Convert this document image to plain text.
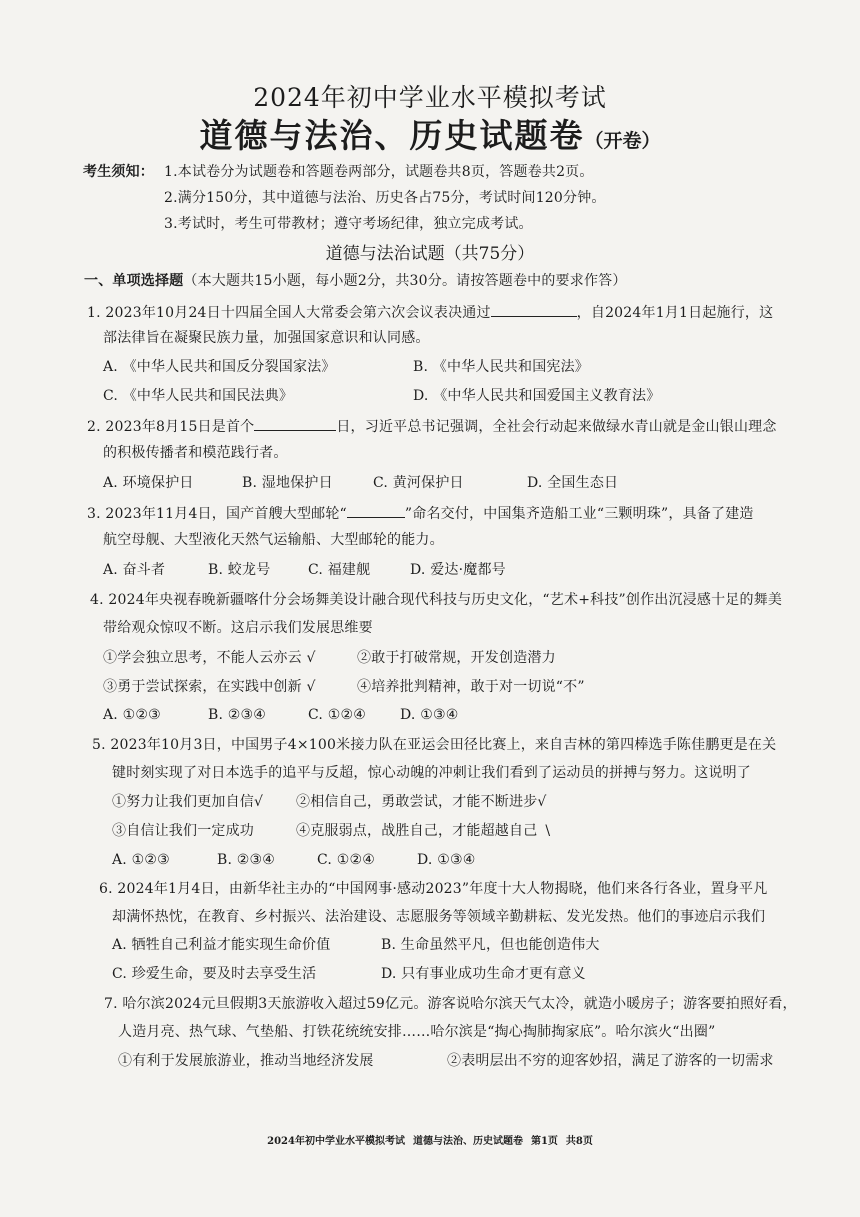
2024年初中学业水平模拟考试
道德与法治、历史试题卷（开卷）
考生须知： 1.本试卷分为试题卷和答题卷两部分，试题卷共8页，答题卷共2页。
2.满分150分，其中道德与法治、历史各占75分，考试时间120分钟。
3.考试时，考生可带教材；遵守考场纪律，独立完成考试。
道德与法治试题（共75分）
一、单项选择题（本大题共15小题，每小题2分，共30分。请按答题卷中的要求作答）
1. 2023年10月24日十四届全国人大常委会第六次会议表决通过	，自2024年1月1日起施行，这
部法律旨在凝聚民族力量，加强国家意识和认同感。
A. 《中华人民共和国反分裂国家法》	B. 《中华人民共和国宪法》
C. 《中华人民共和国民法典》	D. 《中华人民共和国爱国主义教育法》
2. 2023年8月15日是首个	日，习近平总书记强调，全社会行动起来做绿水青山就是金山银山理念
的积极传播者和模范践行者。
A. 环境保护日	B. 湿地保护日	C. 黄河保护日	D. 全国生态日
3. 2023年11月4日，国产首艘大型邮轮“	”命名交付，中国集齐造船工业“三颗明珠”，具备了建造
航空母舰、大型液化天然气运输船、大型邮轮的能力。
A. 奋斗者	B. 蛟龙号	C. 福建舰	D. 爱达·魔都号
4. 2024年央视春晚新疆喀什分会场舞美设计融合现代科技与历史文化，“艺术+科技”创作出沉浸感十足的舞美
带给观众惊叹不断。这启示我们发展思维要
①学会独立思考，不能人云亦云 √	②敢于打破常规，开发创造潜力
③勇于尝试探索，在实践中创新 √	④培养批判精神，敢于对一切说“不”
A. ①②③	B. ②③④	C. ①②④ D. ①③④
5. 2023年10月3日，中国男子4×100米接力队在亚运会田径比赛上，来自吉林的第四棒选手陈佳鹏更是在关
键时刻实现了对日本选手的追平与反超，惊心动魄的冲刺让我们看到了运动员的拼搏与努力。这说明了
①努力让我们更加自信√ ②相信自己，勇敢尝试，才能不断进步√
③自信让我们一定成功	④克服弱点，战胜自己，才能超越自己 \
A. ①②③	B. ②③④	C. ①②④	D. ①③④
6. 2024年1月4日，由新华社主办的“中国网事·感动2023”年度十大人物揭晓，他们来各行各业，置身平凡
却满怀热忱，在教育、乡村振兴、法治建设、志愿服务等领域辛勤耕耘、发光发热。他们的事迹启示我们
A. 牺牲自己利益才能实现生命价值	B. 生命虽然平凡，但也能创造伟大
C. 珍爱生命，要及时去享受生活	D. 只有事业成功生命才更有意义
7. 哈尔滨2024元旦假期3天旅游收入超过59亿元。游客说哈尔滨天气太冷，就造小暖房子；游客要拍照好看，
人造月亮、热气球、气垫船、打铁花统统安排……哈尔滨是“掏心掏肺掏家底”。哈尔滨火“出圈”
①有利于发展旅游业，推动当地经济发展	②表明层出不穷的迎客妙招，满足了游客的一切需求
2024年初中学业水平模拟考试 道德与法治、历史试题卷 第1页 共8页
